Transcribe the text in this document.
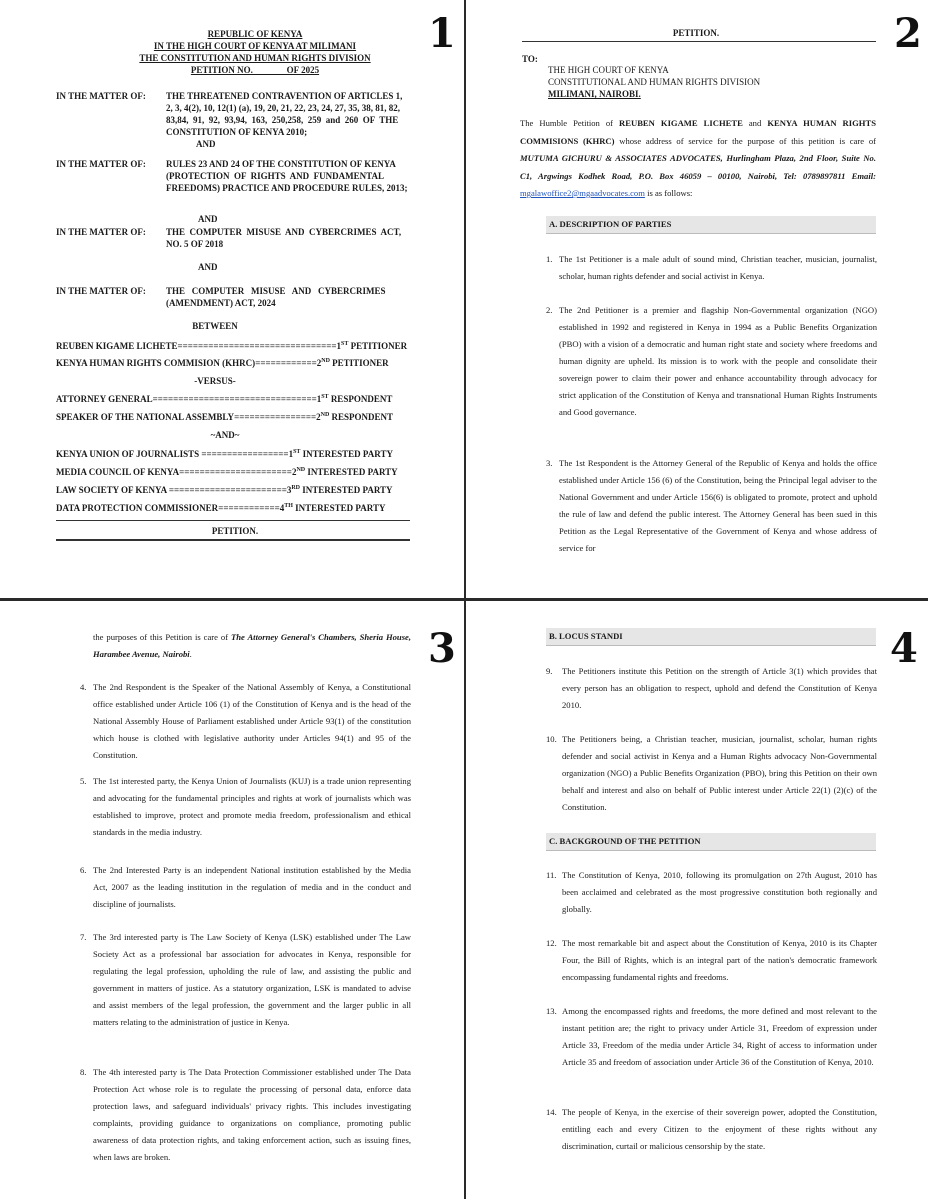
1
REPUBLIC OF KENYA
IN THE HIGH COURT OF KENYA AT MILIMANI
THE CONSTITUTION AND HUMAN RIGHTS DIVISION
PETITION NO.               OF 2025
IN THE MATTER OF: THE THREATENED CONTRAVENTION OF ARTICLES 1,
2, 3, 4(2), 10, 12(1) (a), 19, 20, 21, 22, 23, 24, 27, 35, 38, 81, 82,
83,84,  91,  92,  93,94,  163,  250,258,  259  and  260  OF  THE
CONSTITUTION OF KENYA 2010;
AND
IN THE MATTER OF: RULES 23 AND 24 OF THE CONSTITUTION OF KENYA
(PROTECTION  OF  RIGHTS  AND  FUNDAMENTAL
FREEDOMS) PRACTICE AND PROCEDURE RULES, 2013;
AND
IN THE MATTER OF: THE  COMPUTER  MISUSE  AND  CYBERCRIMES  ACT,
NO. 5 OF 2018
AND
IN THE MATTER OF: THE   COMPUTER   MISUSE   AND   CYBERCRIMES
(AMENDMENT) ACT, 2024
BETWEEN
REUBEN KIGAME LICHETE===============================1ST PETITIONER
KENYA HUMAN RIGHTS COMMISION (KHRC)============2ND PETITIONER
-VERSUS-
ATTORNEY GENERAL================================1ST RESPONDENT
SPEAKER OF THE NATIONAL ASSEMBLY================2ND RESPONDENT
~AND~
KENYA UNION OF JOURNALISTS =================1ST INTERESTED PARTY
MEDIA COUNCIL OF KENYA======================2ND INTERESTED PARTY
LAW SOCIETY OF KENYA =======================3RD INTERESTED PARTY
DATA PROTECTION COMMISSIONER============4TH INTERESTED PARTY
PETITION.
2
PETITION.
TO:
THE HIGH COURT OF KENYA
CONSTITUTIONAL AND HUMAN RIGHTS DIVISION
MILIMANI, NAIROBI.
The Humble Petition of REUBEN KIGAME LICHETE and KENYA HUMAN RIGHTS COMMISIONS (KHRC) whose address of service for the purpose of this petition is care of MUTUMA GICHURU & ASSOCIATES ADVOCATES, Hurlingham Plaza, 2nd Floor, Suite No. C1, Argwings Kodhek Road, P.O. Box 46059 – 00100, Nairobi, Tel: 0789897811 Email: mgalawoffice2@mgaadvocates.com is as follows:
A. DESCRIPTION OF PARTIES
1. The 1st Petitioner is a male adult of sound mind, Christian teacher, musician, journalist, scholar, human rights defender and social activist in Kenya.
2. The 2nd Petitioner is a premier and flagship Non-Governmental organization (NGO) established in 1992 and registered in Kenya in 1994 as a Public Benefits Organization (PBO) with a vision of a democratic and human right state and society where freedoms and human dignity are upheld. Its mission is to work with the people and consolidate their sovereign power to claim their power and enhance accountability through advocacy for strict application of the Constitution of Kenya and transnational Human Rights Instruments and Good governance.
3. The 1st Respondent is the Attorney General of the Republic of Kenya and holds the office established under Article 156 (6) of the Constitution, being the Principal legal adviser to the National Government and under Article 156(6) is obligated to promote, protect and uphold the rule of law and defend the public interest. The Attorney General has been sued in this Petition as the Legal Representative of the Government of Kenya and whose address of service for
3
the purposes of this Petition is care of The Attorney General's Chambers, Sheria House, Harambee Avenue, Nairobi.
4. The 2nd Respondent is the Speaker of the National Assembly of Kenya, a Constitutional office established under Article 106 (1) of the Constitution of Kenya and is the head of the National Assembly House of Parliament established under Article 93(1) of the constitution which house is clothed with legislative authority under Articles 94(1) and 95 of the Constitution.
5. The 1st interested party, the Kenya Union of Journalists (KUJ) is a trade union representing and advocating for the fundamental principles and rights at work of journalists which was established to improve, protect and promote media freedom, professionalism and ethical standards in the media industry.
6. The 2nd Interested Party is an independent National institution established by the Media Act, 2007 as the leading institution in the regulation of media and in the conduct and discipline of journalists.
7. The 3rd interested party is The Law Society of Kenya (LSK) established under The Law Society Act as a professional bar association for advocates in Kenya, responsible for regulating the legal profession, upholding the rule of law, and assisting the public and government in matters of justice. As a statutory organization, LSK is mandated to advise and assist members of the legal profession, the government and the larger public in all matters relating to the administration of justice in Kenya.
8. The 4th interested party is The Data Protection Commissioner established under The Data Protection Act whose role is to regulate the processing of personal data, enforce data protection laws, and safeguard individuals' privacy rights. This includes investigating complaints, providing guidance to organizations on compliance, promoting public awareness of data protection rights, and taking enforcement action, such as issuing fines, when laws are broken.
4
B. LOCUS STANDI
9. The Petitioners institute this Petition on the strength of Article 3(1) which provides that every person has an obligation to respect, uphold and defend the Constitution of Kenya 2010.
10. The Petitioners being, a Christian teacher, musician, journalist, scholar, human rights defender and social activist in Kenya and a Human Rights advocacy Non-Governmental organization (NGO) a Public Benefits Organization (PBO), bring this Petition on their own behalf and interest and also on behalf of Public interest under Article 22(1) (2)(c) of the Constitution.
C. BACKGROUND OF THE PETITION
11. The Constitution of Kenya, 2010, following its promulgation on 27th August, 2010 has been acclaimed and celebrated as the most progressive constitution both regionally and globally.
12. The most remarkable bit and aspect about the Constitution of Kenya, 2010 is its Chapter Four, the Bill of Rights, which is an integral part of the nation's democratic framework encompassing fundamental rights and freedoms.
13. Among the encompassed rights and freedoms, the more defined and most relevant to the instant petition are; the right to privacy under Article 31, Freedom of expression under Article 33, Freedom of the media under Article 34, Right of access to information under Article 35 and freedom of association under Article 36 of the Constitution of Kenya, 2010.
14. The people of Kenya, in the exercise of their sovereign power, adopted the Constitution, entitling each and every Citizen to the enjoyment of these rights without any discrimination, curtail or malicious censorship by the state.
